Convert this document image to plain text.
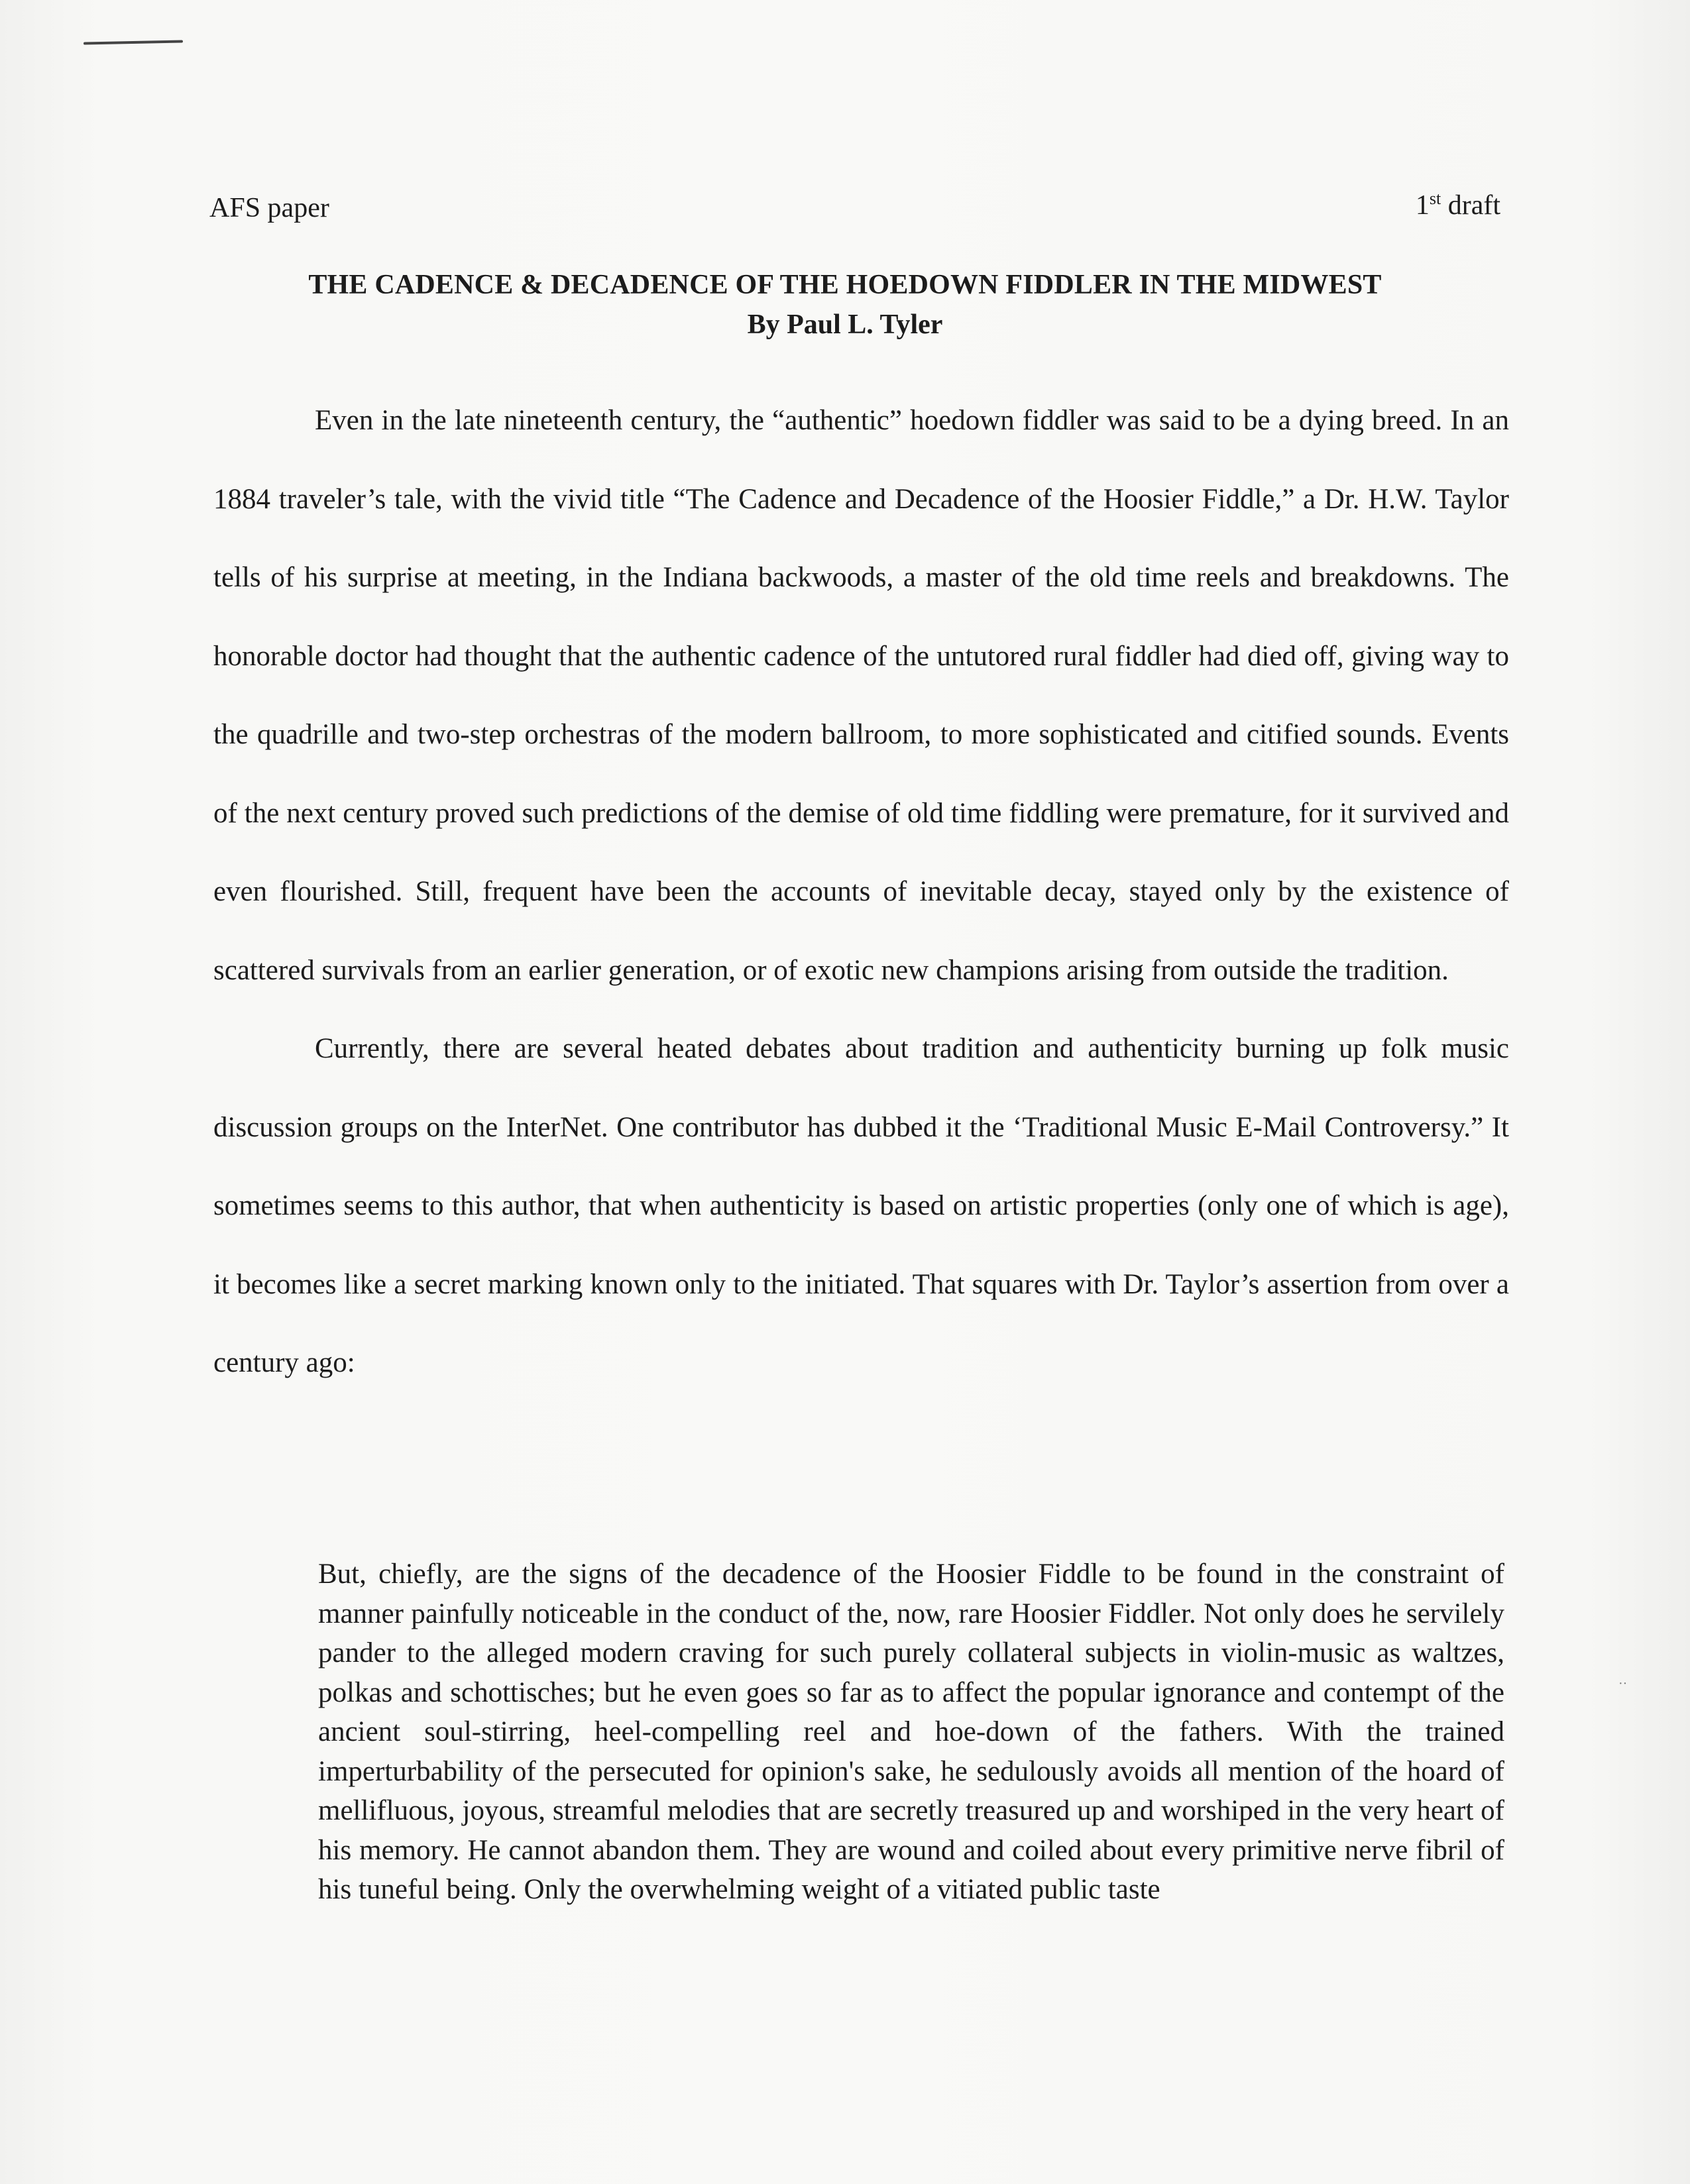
AFS paper	1st draft
THE CADENCE & DECADENCE OF THE HOEDOWN FIDDLER IN THE MIDWEST
By Paul L. Tyler

Even in the late nineteenth century, the “authentic” hoedown fiddler was said to be a dying breed. In an 1884 traveler’s tale, with the vivid title “The Cadence and Decadence of the Hoosier Fiddle,” a Dr. H.W. Taylor tells of his surprise at meeting, in the Indiana backwoods, a master of the old time reels and breakdowns. The honorable doctor had thought that the authentic cadence of the untutored rural fiddler had died off, giving way to the quadrille and two-step orchestras of the modern ballroom, to more sophisticated and citified sounds. Events of the next century proved such predictions of the demise of old time fiddling were premature, for it survived and even flourished. Still, frequent have been the accounts of inevitable decay, stayed only by the existence of scattered survivals from an earlier generation, or of exotic new champions arising from outside the tradition.

Currently, there are several heated debates about tradition and authenticity burning up folk music discussion groups on the InterNet. One contributor has dubbed it the ‘Traditional Music E-Mail Controversy.” It sometimes seems to this author, that when authenticity is based on artistic properties (only one of which is age), it becomes like a secret marking known only to the initiated. That squares with Dr. Taylor’s assertion from over a century ago:

But, chiefly, are the signs of the decadence of the Hoosier Fiddle to be found in the constraint of manner painfully noticeable in the conduct of the, now, rare Hoosier Fiddler. Not only does he servilely pander to the alleged modern craving for such purely collateral subjects in violin-music as waltzes, polkas and schottisches; but he even goes so far as to affect the popular ignorance and contempt of the ancient soul-stirring, heel-compelling reel and hoe-down of the fathers. With the trained imperturbability of the persecuted for opinion's sake, he sedulously avoids all mention of the hoard of mellifluous, joyous, streamful melodies that are secretly treasured up and worshiped in the very heart of his memory. He cannot abandon them. They are wound and coiled about every primitive nerve fibril of his tuneful being. Only the overwhelming weight of a vitiated public taste

··
